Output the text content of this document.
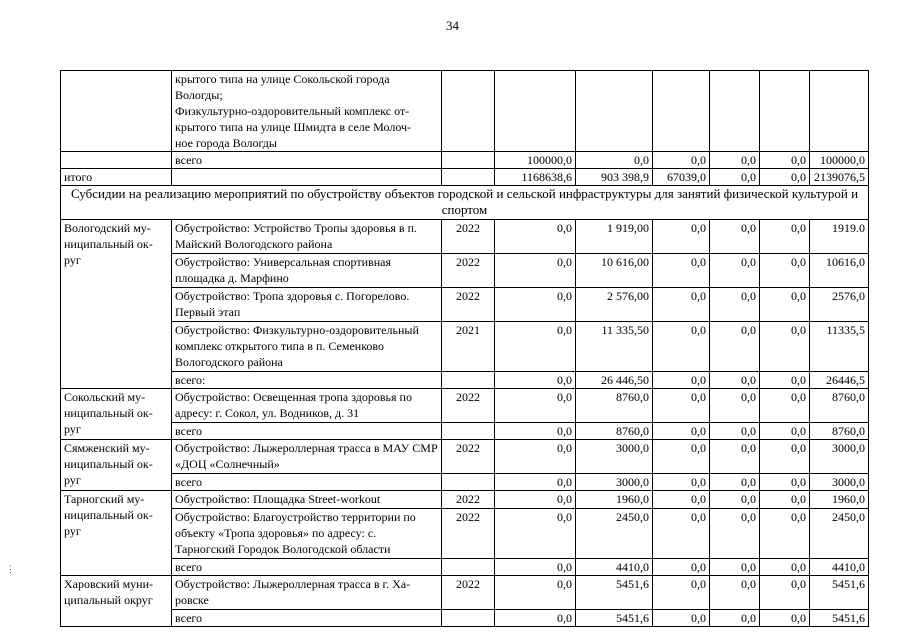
34

	крытого типа на улице Сокольской города
Вологды;
Физкультурно-оздоровительный комплекс от-
крытого типа на улице Шмидта в селе Молоч-
ное города Вологды							

	всего		100000,0	0,0	0,0	0,0	0,0	100000,0
итого			1168638,6	903 398,9	67039,0	0,0	0,0	2139076,5
Субсидии на реализацию мероприятий по обустройству объектов городской и сельской инфраструктуры для занятий физической культурой и спортом								
Вологодский му-ниципальный ок-руг	Обустройство: Устройство Тропы здоровья в п. Майский Вологодского района	2022	0,0	1 919,00	0,0	0,0	0,0	1919.0
	Обустройство: Универсальная спортивная площадка д. Марфино	2022	0,0	10 616,00	0,0	0,0	0,0	10616,0
	Обустройство: Тропа здоровья с. Погорелово. Первый этап	2022	0,0	2 576,00	0,0	0,0	0,0	2576,0
	Обустройство: Физкультурно-оздоровительный комплекс открытого типа в п. Семенково Вологодского района	2021	0,0	11 335,50	0,0	0,0	0,0	11335,5
	всего:		0,0	26 446,50	0,0	0,0	0,0	26446,5
Сокольский му-ниципальный ок-руг	Обустройство: Освещенная тропа здоровья по адресу: г. Сокол, ул. Водников, д. 31	2022	0,0	8760,0	0,0	0,0	0,0	8760,0
	всего		0,0	8760,0	0,0	0,0	0,0	8760,0
Сямженский му-ниципальный ок-руг	Обустройство: Лыжероллерная трасса в МАУ СМР «ДОЦ «Солнечный»	2022	0,0	3000,0	0,0	0,0	0,0	3000,0
	всего		0,0	3000,0	0,0	0,0	0,0	3000,0
Тарногский му-ниципальный ок-руг	Обустройство: Площадка Street-workout	2022	0,0	1960,0	0,0	0,0	0,0	1960,0
	Обустройство: Благоустройство территории по объекту «Тропа здоровья» по адресу: с. Тарногский Городок Вологодской области	2022	0,0	2450,0	0,0	0,0	0,0	2450,0
	всего		0,0	4410,0	0,0	0,0	0,0	4410,0
Харовский муни-ципальный округ	Обустройство: Лыжероллерная трасса в г. Ха-ровске	2022	0,0	5451,6	0,0	0,0	0,0	5451,6
	всего		0,0	5451,6	0,0	0,0	0,0	5451,6
⋮
